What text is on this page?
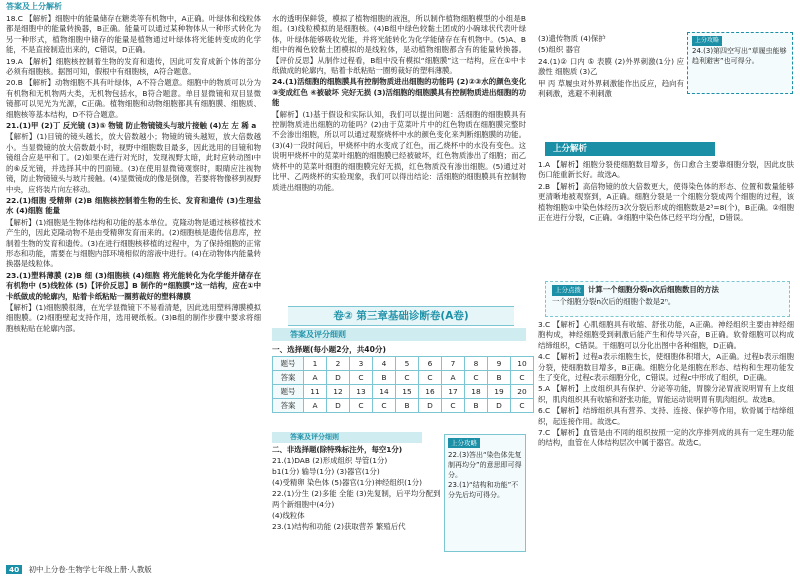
答案及上分解析

18.C 【解析】细胞中的能量储存在糖类等有机物中，A正确。叶绿体和线粒体都是细胞中的能量转换器，B正确。能量可以通过某种物体从一种形式转化为另一种形式，植物细胞中储存的能量是植物通过叶绿体将光能转变成的化学能，不是直接制造出来的，C错误，D正确。

19.A 【解析】细胞核控制着生物的发育和遗传，因此可发育成新个体的部分必须有细胞核。据图可知，假根中有细胞核，A符合题意。

20.B 【解析】动物细胞不具有叶绿体，A不符合题意。细胞中的物质可以分为有机物和无机物两大类，无机物包括水，B符合题意。单目显微镜和双目显微镜都可以见光为光源，C正确。植物细胞和动物细胞都具有细胞膜、细胞质、细胞核等基本结构，D不符合题意。

21.(1)甲 (2)丁 反光镜 (3)⑤ 物镜 防止物镜镜头与玻片接触 (4)左 左 稀 a

【解析】(1)目镜的镜头越长，放大倍数越小；物镜的镜头越短，放大倍数越小。当显微镜的放大倍数最小时，视野中细胞数目最多，因此选用的目镜和物镜组合应是甲和丁。(2)如果在进行对光时，发现视野太暗，此时应转动图Ⅰ中的⑥反光镜，并选择其中的凹面镜。(3)在使用显微镜观察时，眼睛应注视物镜，防止物镜镜头与玻片接触。(4)显微镜成的像是倒像，若要将物像移到视野中央，应将装片向左移动。

22.(1)细胞 受精卵 (2)B 细胞核控制着生物的生长、发育和遗传 (3)生理盐水 (4)细胞 能量

【解析】(1)细胞是生物体结构和功能的基本单位。克隆动物是通过核移植技术产生的，因此克隆动物不是由受精卵发育而来的。(2)细胞核是遗传信息库，控制着生物的发育和遗传。(3)在进行细胞核移植的过程中，为了保持细胞的正常形态和功能，需要在与细胞内部环境相似的溶液中进行。(4)在动物体内能量转换器是线粒体。

23.(1)塑料薄膜 (2)B 细 (3)细胞核 (4)细胞 将光能转化为化学能并储存在有机物中 (5)线粒体 (5)【评价反思】B 制作的“细胞膜”这一结构，应在①中卡纸做成的轮廓内，贴着卡纸粘贴一圈剪裁好的塑料薄膜

【解析】(1)细胞膜很薄，在光学显微镜下不易看清楚，因此选用塑料薄膜模拟细胞膜。(2)细胞壁起支持作用，选用硬纸板。(3)B组的制作步骤中要求将细胞核粘贴在轮廓内部。

水的透明保鲜袋，模拟了植物细胞的液泡，所以制作植物细胞模型的小组是B组。(3)线粒模拟的是细胞核。(4)B组中绿色较黏土团成的小碗球状代表叶绿体，叶绿体能够吸收光能，并将光能转化为化学能储存在有机物中。(5)A、B组中的褐色较黏土团模拟的是线粒体，是动植物细胞都含有的能量转换器。【评价反思】从制作过程看，B组中没有模拟“细胞膜”这一结构，应在①中卡纸做成的轮廓内，贴着卡纸粘贴一圈剪裁好的塑料薄膜。

24.(1)活细胞的细胞膜具有控制物质进出细胞的功能吗 (2)②③水的颜色变化 ③变成红色 ④被破坏 完好无损 (3)活细胞的细胞膜具有控制物质进出细胞的功能

【解析】(1)基于假设和实际认知，我们可以提出问题：活细胞的细胞膜具有控制物质进出细胞的功能吗？(2)由于苋菜叶片中的红色物质在细胞膜完整时不会渗出细胞，所以可以通过观察烧杯中水的颜色变化来判断细胞膜的功能。(3)(4)一段时间后，甲烧杯中的水变成了红色，而乙烧杯中的水没有变色。这说明甲烧杯中的苋菜叶细胞的细胞膜已经被破坏，红色物质渗出了细胞；而乙烧杯中的苋菜叶细胞的细胞膜完好无损，红色物质没有渗出细胞。(5)通过对比甲、乙两烧杯的实验现象，我们可以得出结论：活细胞的细胞膜具有控制物质进出细胞的功能。

卷② 第三章基础诊断卷(A卷)
答案及评分细则
一、选择题(每小题2分，共40分)
题号	1	2	3	4	5	6	7	8	9	10
答案	A	D	C	B	C	C	A	C	B	C
题号	11	12	13	14	15	16	17	18	19	20
答案	A	D	C	C	B	D	C	B	D	C
答案及评分细则

二、非选择题(除特殊标注外，每空1分)

21.(1)DAB (2)形成组织 导管(1分)

b1(1分) 输导(1分) (3)器官(1分)

(4)受精卵 染色体 (5)器官(1分)神经组织(1分)

22.(1)分生 (2)多能 全能 (3)先复制，后平均分配到两个新细胞中(4分)

(4)线粒体

23.(1)结构和功能 (2)获取营养 繁殖后代

上分攻略
22.(3)答出“染色体先复制再均分”的意思即可得分。
23.(1)“结构和功能”不分先后均可得分。

(3)遗传物质 (4)保护

(5)组织 器官

24.(1)② 口内 ⑤ 表膜 (2)外界刺激(1分) 应激性 细胞质 (3)乙

甲 丙 草履虫对外界刺激能作出反应，趋向有利刺激，逃避不利刺激

上分攻略
24.(3)第四空写出“草履虫能够趋利避害”也可得分。
上分解析

1.A 【解析】细胞分裂使细胞数目增多，伤口愈合主要靠细胞分裂，因此皮肤伤口能重新长好。故选A。

2.B 【解析】高倍物镜的放大倍数更大，使得染色体的形态、位置和数量能够更清晰地被观察到，A正确。细胞分裂是一个细胞分裂成两个细胞的过程，该植物细胞①中染色体经历3次分裂后形成的细胞数是2³=8(个)，B正确。②细胞正在进行分裂，C正确。③细胞中染色体已经平均分配，D错误。

上分点拨 计算一个细胞分裂n次后细胞数目的方法
一个细胞分裂n次后的细胞个数是2ⁿ。

3.C 【解析】心肌细胞具有收缩、舒张功能，A正确。神经组织主要由神经细胞构成，神经细胞受到刺激后能产生和传导兴奋，B正确。软骨细胞可以构成结缔组织，C错误。干细胞可以分化出图中各种细胞，D正确。

4.C 【解析】过程a表示细胞生长，使细胞体积增大，A正确。过程b表示细胞分裂，使细胞数目增多，B正确。细胞分化是细胞在形态、结构和生理功能发生了变化，过程c表示细胞分化，C错误。过程c中形成了组织，D正确。

5.A 【解析】上皮组织具有保护、分泌等功能，胃腺分泌胃液说明胃有上皮组织，肌肉组织具有收缩和舒张功能，胃能运动说明胃有肌肉组织。故选B。

6.C 【解析】结缔组织具有营养、支持、连接、保护等作用，软骨属于结缔组织，起连接作用。故选C。

7.C 【解析】血管是由不同的组织按照一定的次序排列成的具有一定生理功能的结构，血管在人体结构层次中属于器官。故选C。

40 初中上分卷·生物学七年级上册·人教版
